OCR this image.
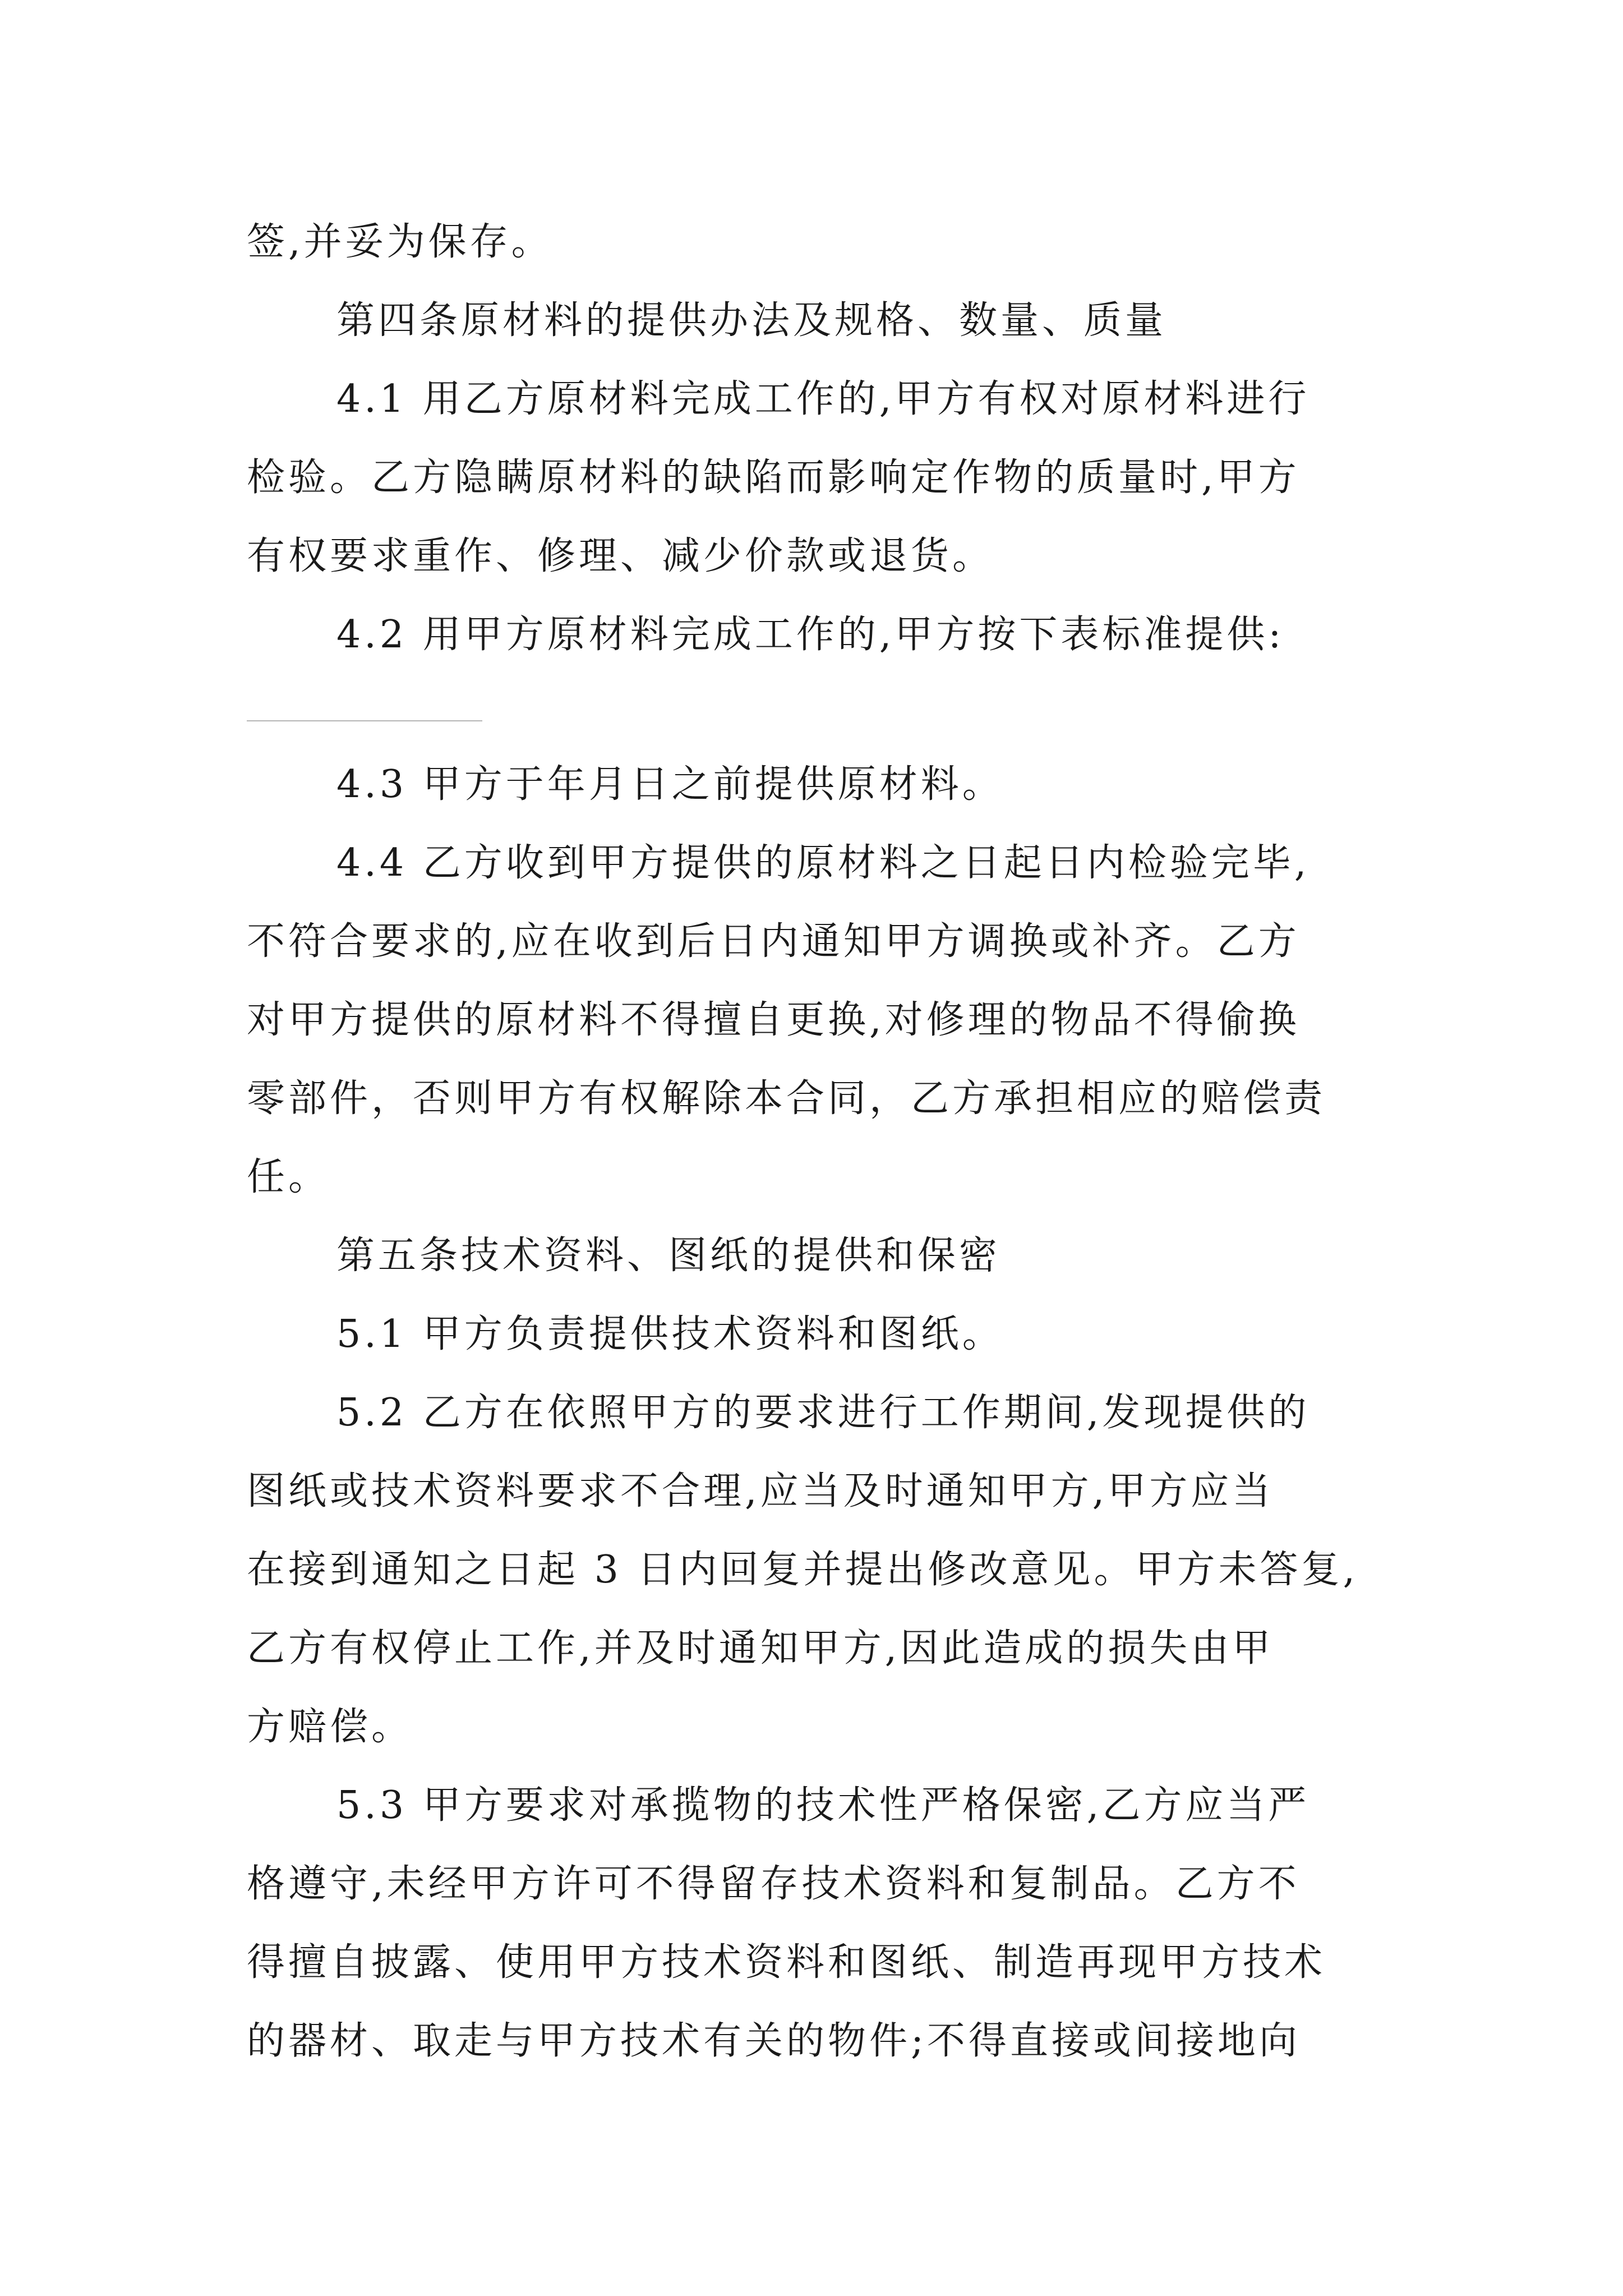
签,并妥为保存。
第四条原材料的提供办法及规格、数量、质量
4.1 用乙方原材料完成工作的,甲方有权对原材料进行
检验。乙方隐瞒原材料的缺陷而影响定作物的质量时,甲方
有权要求重作、修理、减少价款或退货。
4.2 用甲方原材料完成工作的,甲方按下表标准提供:
4.3 甲方于年月日之前提供原材料。
4.4 乙方收到甲方提供的原材料之日起日内检验完毕,
不符合要求的,应在收到后日内通知甲方调换或补齐。乙方
对甲方提供的原材料不得擅自更换,对修理的物品不得偷换
零部件，否则甲方有权解除本合同，乙方承担相应的赔偿责
任。
第五条技术资料、图纸的提供和保密
5.1 甲方负责提供技术资料和图纸。
5.2 乙方在依照甲方的要求进行工作期间,发现提供的
图纸或技术资料要求不合理,应当及时通知甲方,甲方应当
在接到通知之日起 3 日内回复并提出修改意见。甲方未答复,
乙方有权停止工作,并及时通知甲方,因此造成的损失由甲
方赔偿。
5.3 甲方要求对承揽物的技术性严格保密,乙方应当严
格遵守,未经甲方许可不得留存技术资料和复制品。乙方不
得擅自披露、使用甲方技术资料和图纸、制造再现甲方技术
的器材、取走与甲方技术有关的物件;不得直接或间接地向
